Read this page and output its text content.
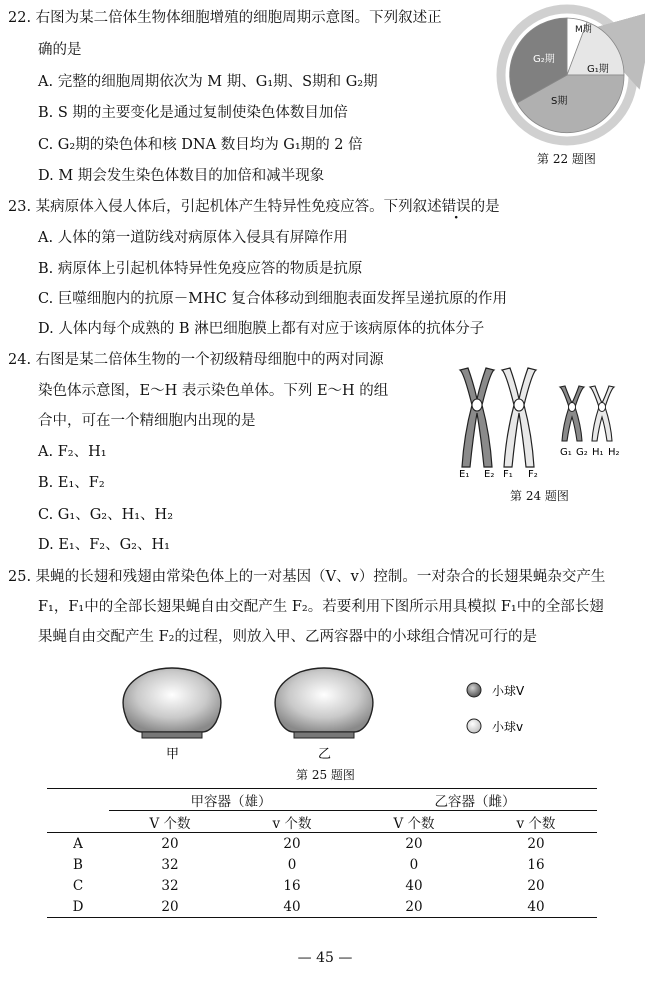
22. 右图为某二倍体生物体细胞增殖的细胞周期示意图。下列叙述正
确的是
A. 完整的细胞周期依次为 M 期、G₁期、S期和 G₂期
B. S 期的主要变化是通过复制使染色体数目加倍
C. G₂期的染色体和核 DNA 数目均为 G₁期的 2 倍
D. M 期会发生染色体数目的加倍和减半现象
M期
G₂期
G₁期
S期
第 22 题图
23. 某病原体入侵人体后，引起机体产生特异性免疫应答。下列叙述错误的是
A. 人体的第一道防线对病原体入侵具有屏障作用
B. 病原体上引起机体特异性免疫应答的物质是抗原
C. 巨噬细胞内的抗原－MHC 复合体移动到细胞表面发挥呈递抗原的作用
D. 人体内每个成熟的 B 淋巴细胞膜上都有对应于该病原体的抗体分子
24. 右图是某二倍体生物的一个初级精母细胞中的两对同源
染色体示意图，E～H 表示染色单体。下列 E～H 的组
合中，可在一个精细胞内出现的是
A. F₂、H₁
B. E₁、F₂
C. G₁、G₂、H₁、H₂
D. E₁、F₂、G₂、H₁
E₁ E₂ F₁ F₂
G₁ G₂ H₁ H₂
第 24 题图
25. 果蝇的长翅和残翅由常染色体上的一对基因（V、v）控制。一对杂合的长翅果蝇杂交产生
F₁，F₁中的全部长翅果蝇自由交配产生 F₂。若要利用下图所示用具模拟 F₁中的全部长翅
果蝇自由交配产生 F₂的过程，则放入甲、乙两容器中的小球组合情况可行的是
甲	乙
小球V
小球v
第 25 题图
	甲容器（雄）		乙容器（雌）	
	V 个数	v 个数	V 个数	v 个数
A	20	20	20	20
B	32	0	0	16
C	32	16	40	20
D	20	40	20	40
— 45 —
